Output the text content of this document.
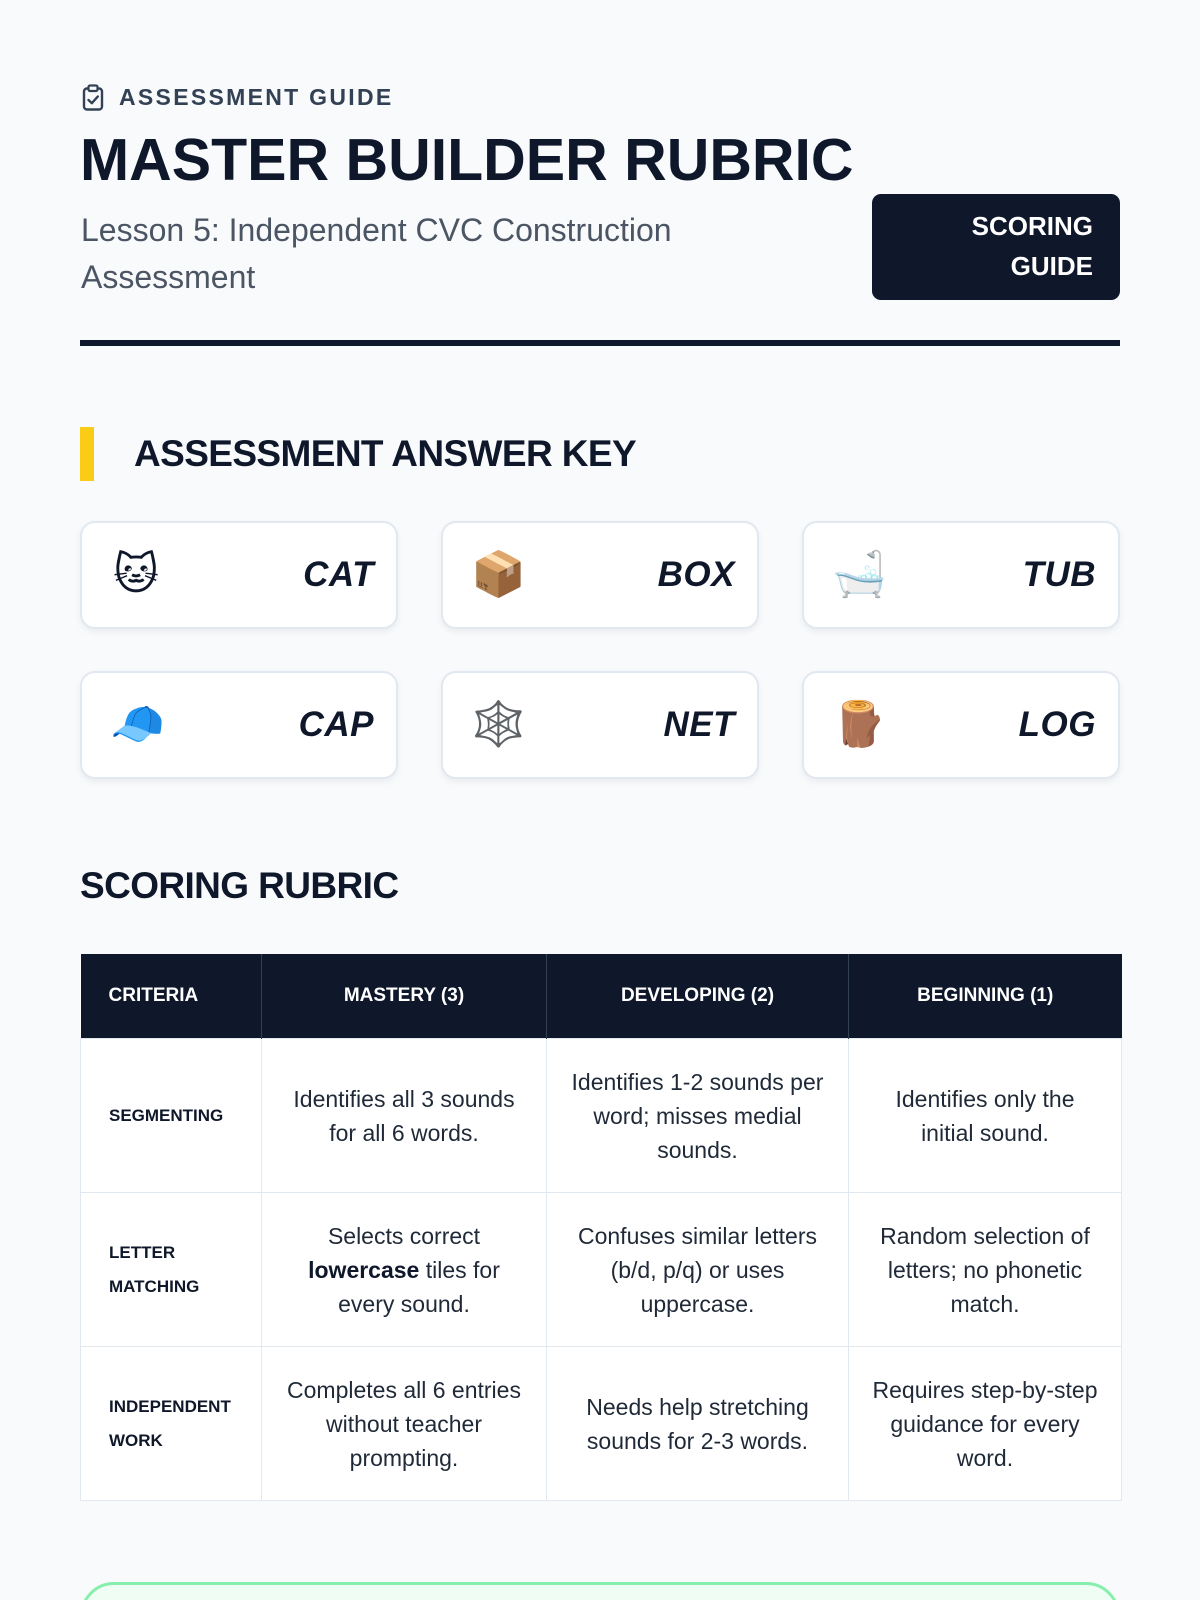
ASSESSMENT GUIDE
MASTER BUILDER RUBRIC

Lesson 5: Independent CVC Construction Assessment

SCORING GUIDE
ASSESSMENT ANSWER KEY
🐱	CAT 📦	BOX 🛁	TUB
🧢	CAP 🕸️	NET 🪵	LOG
SCORING RUBRIC
CRITERIA	MASTERY (3)	DEVELOPING (2)	BEGINNING (1)
SEGMENTING	Identifies all 3 sounds for all 6 words.	Identifies 1-2 sounds per word; misses medial sounds.	Identifies only the initial sound.
LETTER MATCHING	Selects correct lowercase tiles for every sound.	Confuses similar letters (b/d, p/q) or uses uppercase.	Random selection of letters; no phonetic match.
INDEPENDENT WORK	Completes all 6 entries without teacher prompting.	Needs help stretching sounds for 2-3 words.	Requires step-by-step guidance for every word.
